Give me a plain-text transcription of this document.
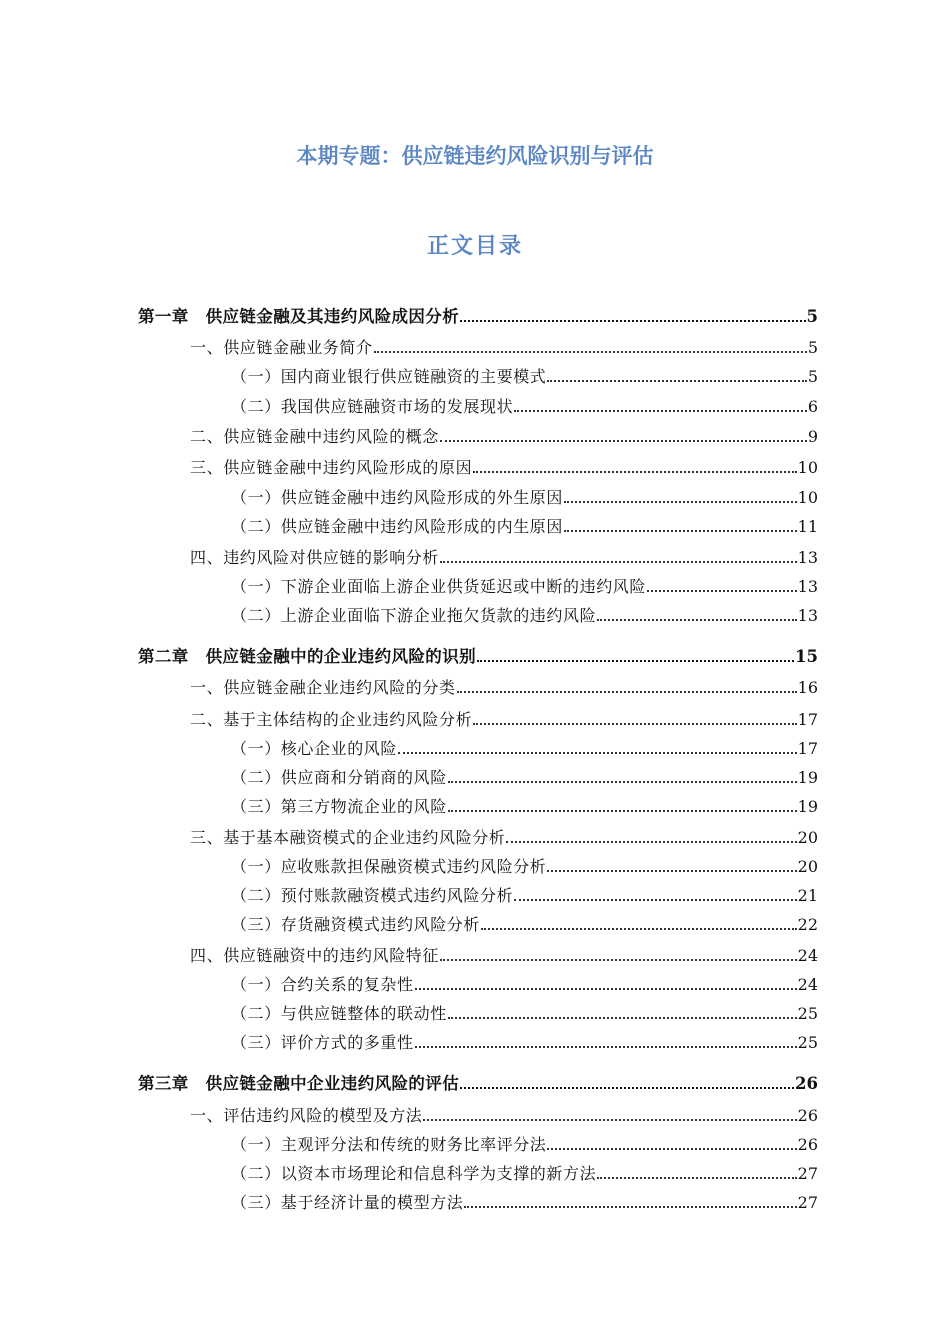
本期专题：供应链违约风险识别与评估
正文目录
第一章　供应链金融及其违约风险成因分析	5
一、供应链金融业务简介	5
（一）国内商业银行供应链融资的主要模式	5
（二）我国供应链融资市场的发展现状	6
二、供应链金融中违约风险的概念	9
三、供应链金融中违约风险形成的原因	10
（一）供应链金融中违约风险形成的外生原因	10
（二）供应链金融中违约风险形成的内生原因	11
四、违约风险对供应链的影响分析	13
（一）下游企业面临上游企业供货延迟或中断的违约风险	13
（二）上游企业面临下游企业拖欠货款的违约风险	13
第二章　供应链金融中的企业违约风险的识别	15
一、供应链金融企业违约风险的分类	16
二、基于主体结构的企业违约风险分析	17
（一）核心企业的风险	17
（二）供应商和分销商的风险	19
（三）第三方物流企业的风险	19
三、基于基本融资模式的企业违约风险分析	20
（一）应收账款担保融资模式违约风险分析	20
（二）预付账款融资模式违约风险分析	21
（三）存货融资模式违约风险分析	22
四、供应链融资中的违约风险特征	24
（一）合约关系的复杂性	24
（二）与供应链整体的联动性	25
（三）评价方式的多重性	25
第三章　供应链金融中企业违约风险的评估	26
一、评估违约风险的模型及方法	26
（一）主观评分法和传统的财务比率评分法	26
（二）以资本市场理论和信息科学为支撑的新方法	27
（三）基于经济计量的模型方法	27
